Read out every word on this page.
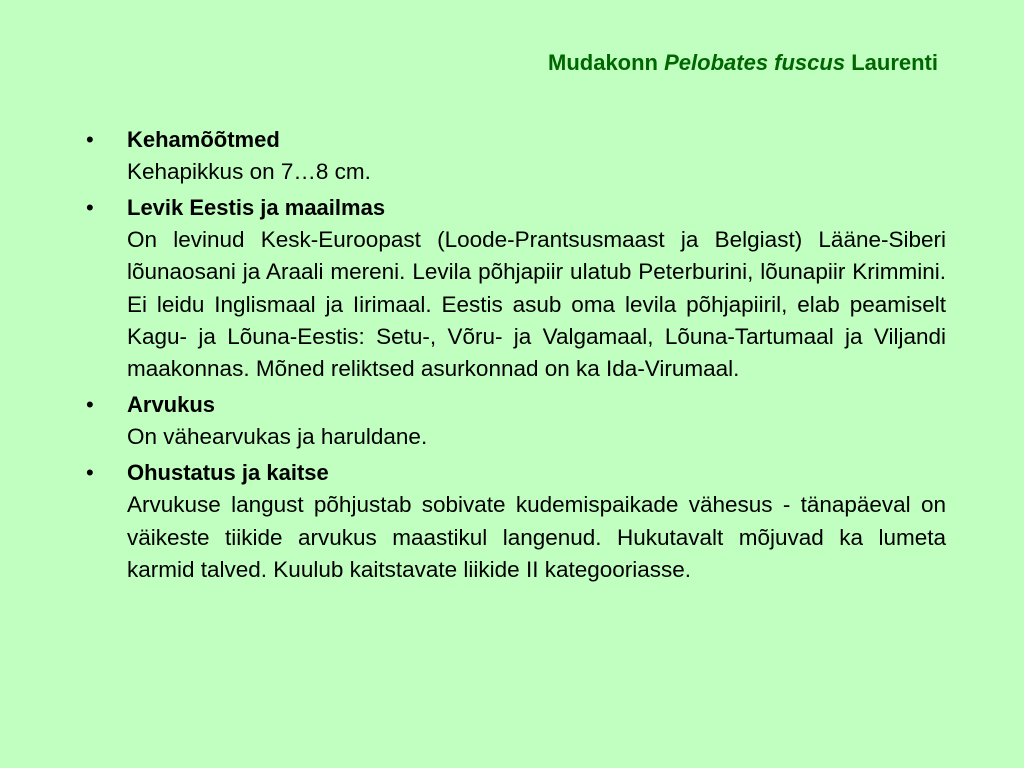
Mudakonn Pelobates fuscus Laurenti
•	Kehamõõtmed

Kehapikkus on 7…8 cm.

•	Levik Eestis ja maailmas

On levinud Kesk-Euroopast (Loode-Prantsusmaast ja Belgiast) Lääne-Siberi lõunaosani ja Araali mereni. Levila põhjapiir ulatub Peterburini, lõunapiir Krimmini. Ei leidu Inglismaal ja Iirimaal. Eestis asub oma levila põhjapiiril, elab peamiselt Kagu- ja Lõuna-Eestis: Setu-, Võru- ja Valgamaal, Lõuna-Tartumaal ja Viljandi maakonnas. Mõned reliktsed asurkonnad on ka Ida-Virumaal.

•	Arvukus

On vähearvukas ja haruldane.

•	Ohustatus ja kaitse

Arvukuse langust põhjustab sobivate kudemispaikade vähesus - tänapäeval on väikeste tiikide arvukus maastikul langenud. Hukutavalt mõjuvad ka lumeta karmid talved. Kuulub kaitstavate liikide II kategooriasse.
